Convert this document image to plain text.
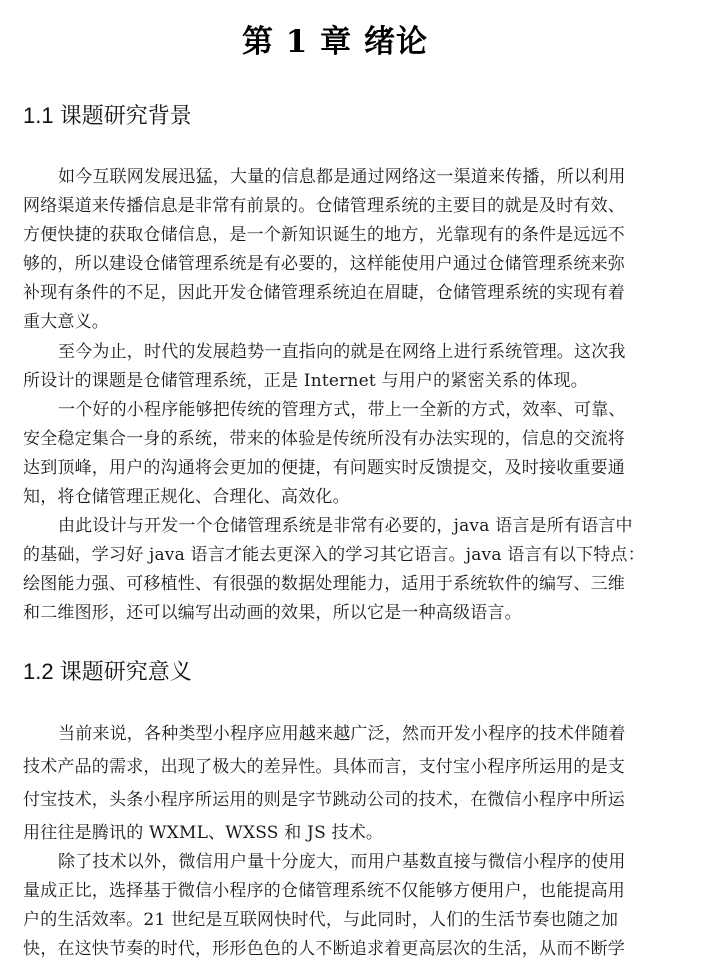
第 1 章 绪论
1.1 课题研究背景
如今互联网发展迅猛，大量的信息都是通过网络这一渠道来传播，所以利用
网络渠道来传播信息是非常有前景的。仓储管理系统的主要目的就是及时有效、
方便快捷的获取仓储信息，是一个新知识诞生的地方，光靠现有的条件是远远不
够的，所以建设仓储管理系统是有必要的，这样能使用户通过仓储管理系统来弥
补现有条件的不足，因此开发仓储管理系统迫在眉睫，仓储管理系统的实现有着
重大意义。
至今为止，时代的发展趋势一直指向的就是在网络上进行系统管理。这次我
所设计的课题是仓储管理系统，正是 Internet 与用户的紧密关系的体现。
一个好的小程序能够把传统的管理方式，带上一全新的方式，效率、可靠、
安全稳定集合一身的系统，带来的体验是传统所没有办法实现的，信息的交流将
达到顶峰，用户的沟通将会更加的便捷，有问题实时反馈提交，及时接收重要通
知，将仓储管理正规化、合理化、高效化。
由此设计与开发一个仓储管理系统是非常有必要的，java 语言是所有语言中
的基础，学习好 java 语言才能去更深入的学习其它语言。java 语言有以下特点：
绘图能力强、可移植性、有很强的数据处理能力，适用于系统软件的编写、三维
和二维图形，还可以编写出动画的效果，所以它是一种高级语言。
1.2 课题研究意义
当前来说，各种类型小程序应用越来越广泛，然而开发小程序的技术伴随着
技术产品的需求，出现了极大的差异性。具体而言，支付宝小程序所运用的是支
付宝技术，头条小程序所运用的则是字节跳动公司的技术，在微信小程序中所运
用往往是腾讯的 WXML、WXSS 和 JS 技术。
除了技术以外，微信用户量十分庞大，而用户基数直接与微信小程序的使用
量成正比，选择基于微信小程序的仓储管理系统不仅能够方便用户，也能提高用
户的生活效率。21 世纪是互联网快时代，与此同时，人们的生活节奏也随之加
快，在这快节奏的时代，形形色色的人不断追求着更高层次的生活，从而不断学
